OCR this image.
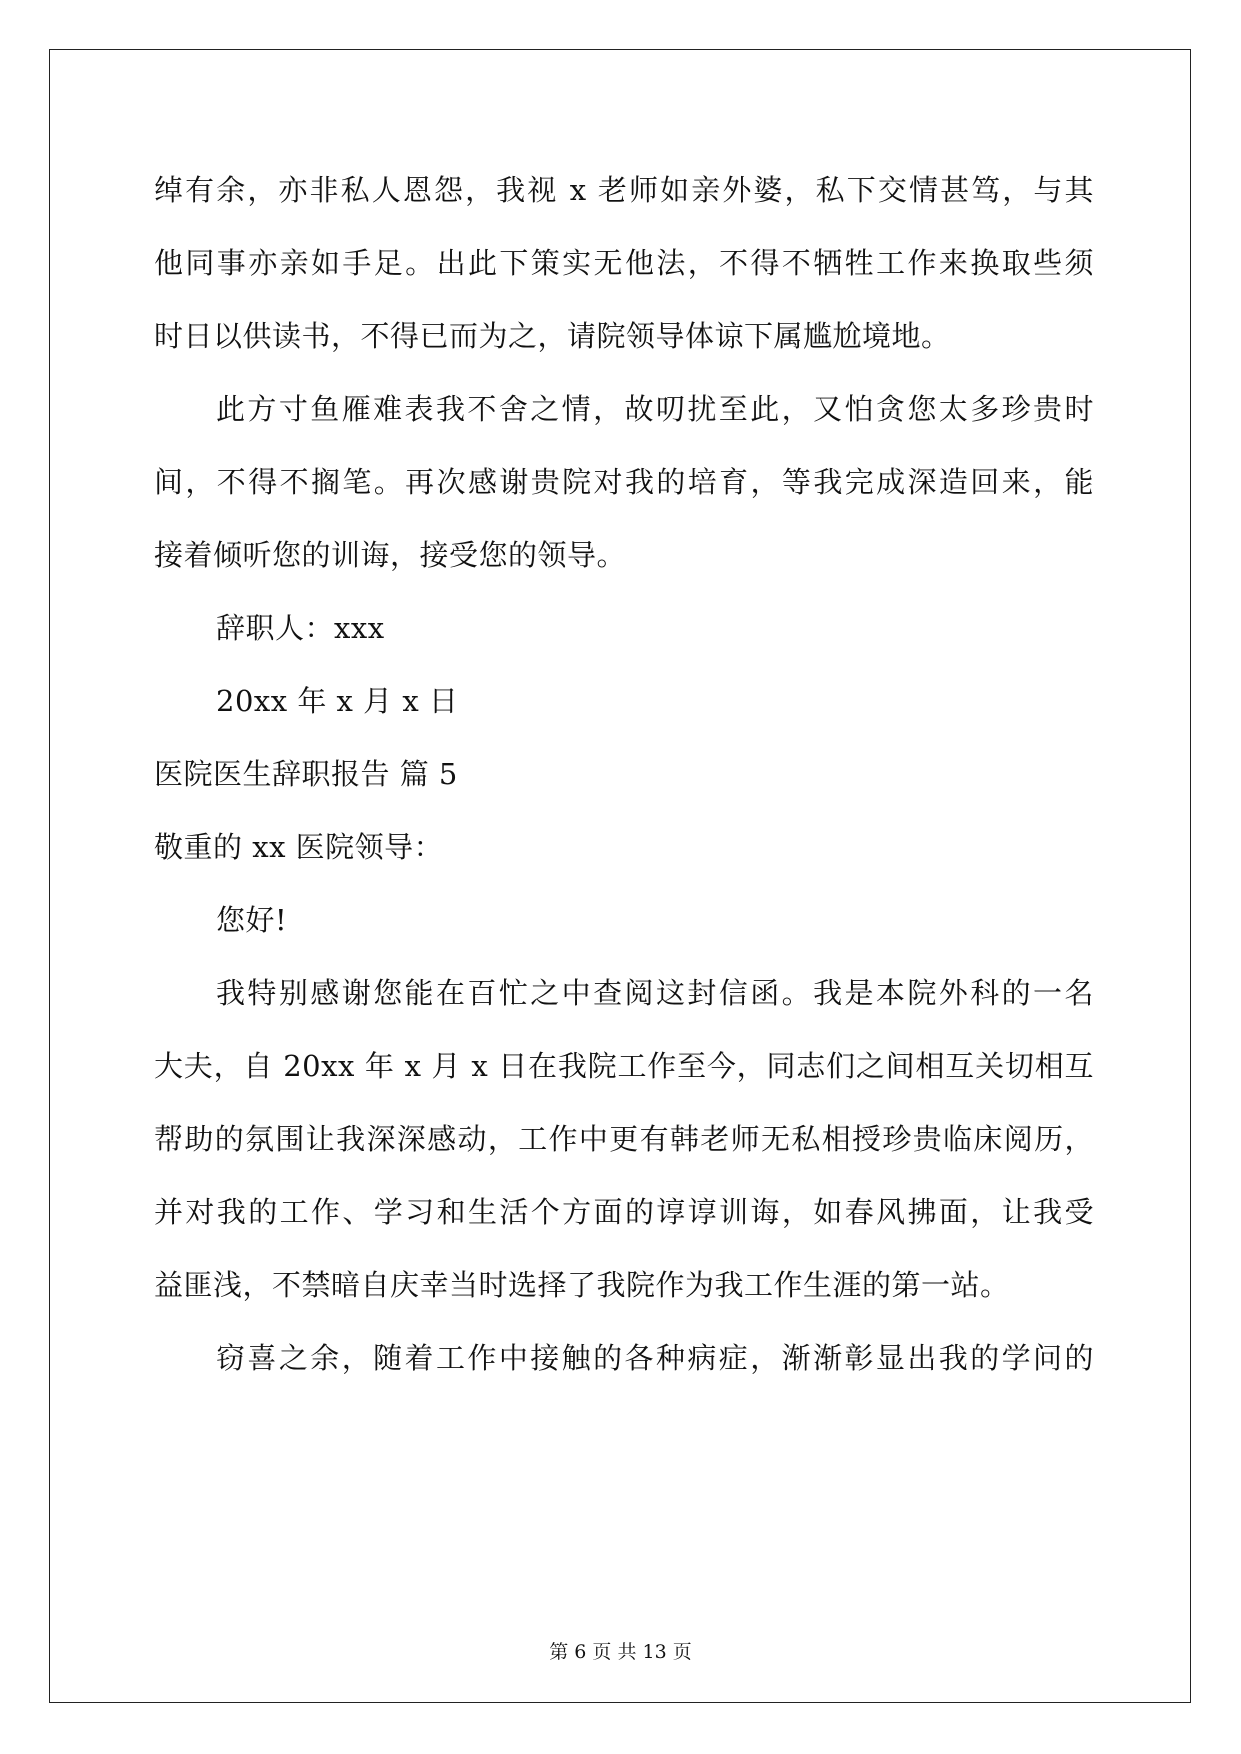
绰有余，亦非私人恩怨，我视 x 老师如亲外婆，私下交情甚笃，与其
他同事亦亲如手足。出此下策实无他法，不得不牺牲工作来换取些须
时日以供读书，不得已而为之，请院领导体谅下属尴尬境地。
此方寸鱼雁难表我不舍之情，故叨扰至此，又怕贪您太多珍贵时
间，不得不搁笔。再次感谢贵院对我的培育，等我完成深造回来，能
接着倾听您的训诲，接受您的领导。
辞职人：xxx
20xx 年 x 月 x 日
医院医生辞职报告 篇 5
敬重的 xx 医院领导：
您好!
我特别感谢您能在百忙之中查阅这封信函。我是本院外科的一名
大夫，自 20xx 年 x 月 x 日在我院工作至今，同志们之间相互关切相互
帮助的氛围让我深深感动，工作中更有韩老师无私相授珍贵临床阅历，
并对我的工作、学习和生活个方面的谆谆训诲，如春风拂面，让我受
益匪浅，不禁暗自庆幸当时选择了我院作为我工作生涯的第一站。
窃喜之余，随着工作中接触的各种病症，渐渐彰显出我的学问的
第 6 页 共 13 页
